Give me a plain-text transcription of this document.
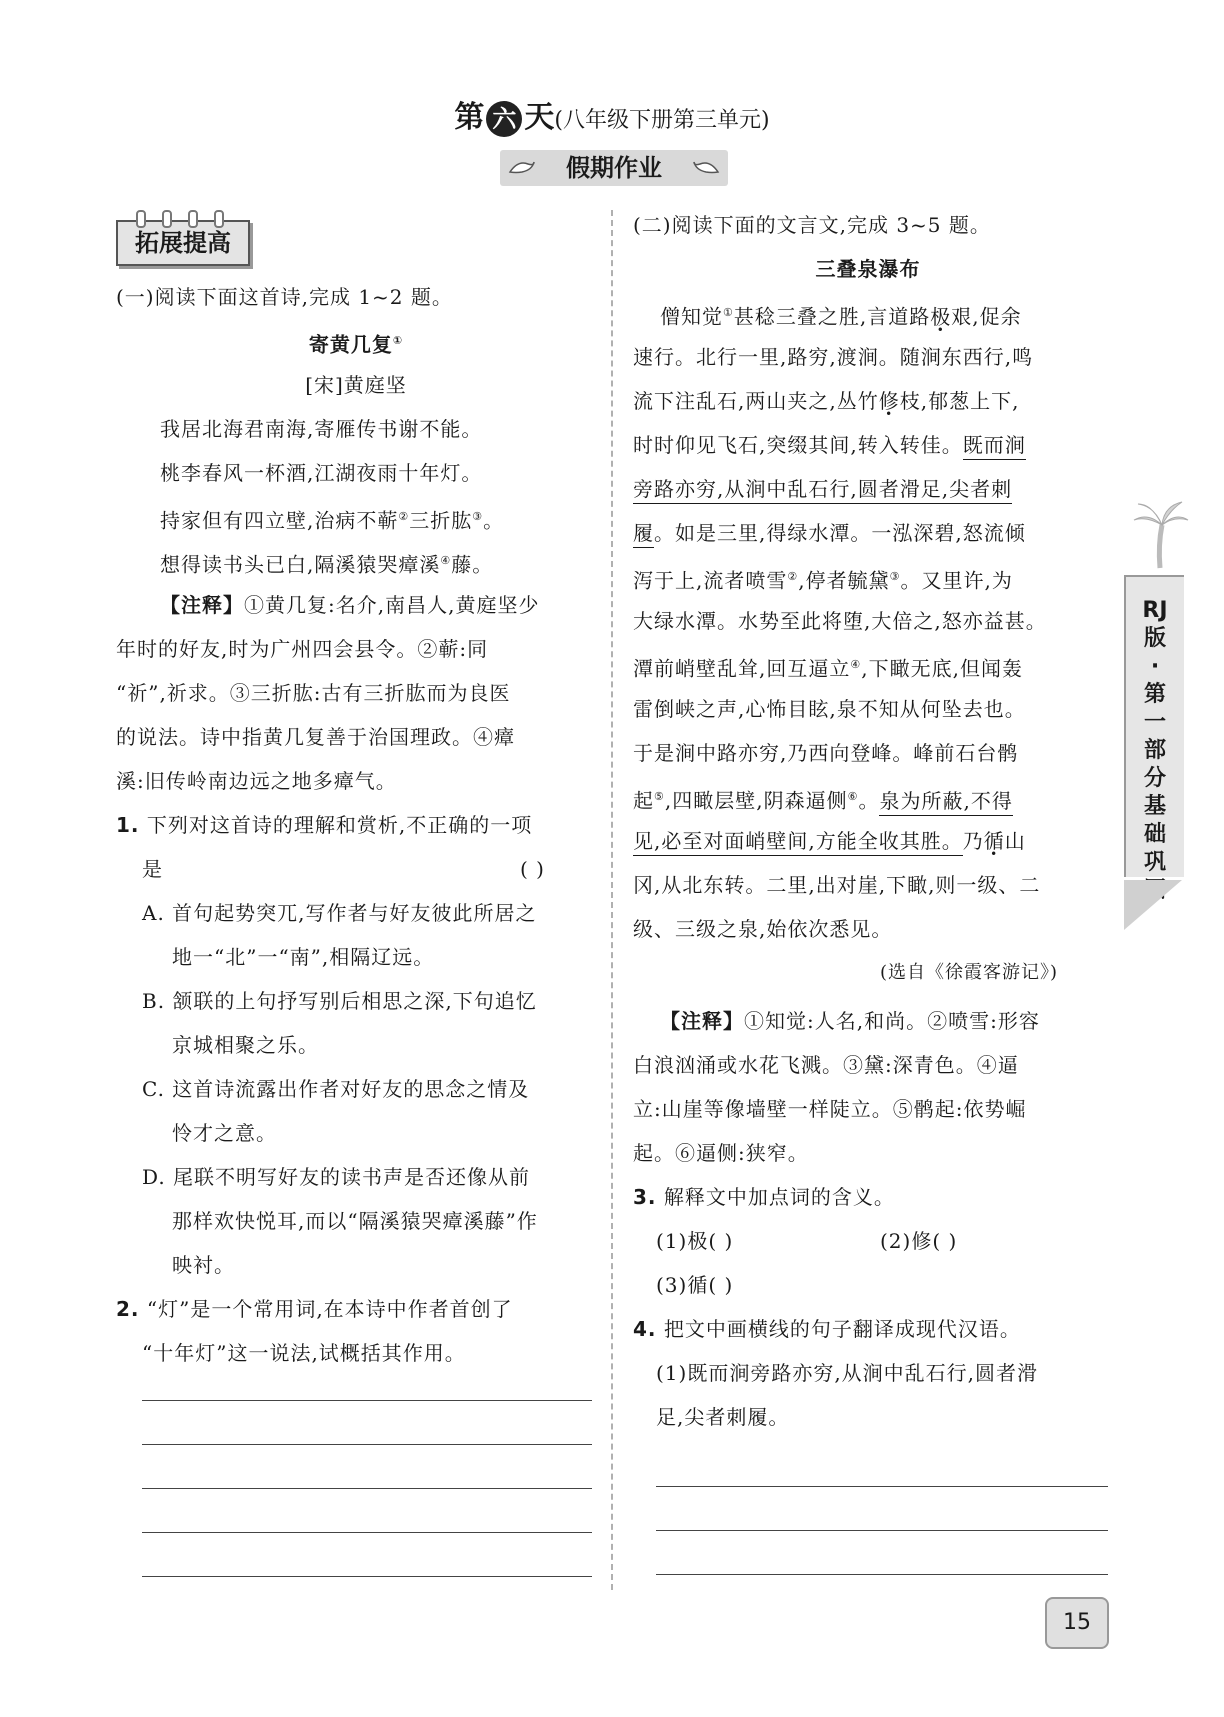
第 六 天(八年级下册第三单元)
假期作业
拓展提高
(一)阅读下面这首诗,完成 1~2 题。
寄黄几复①
[宋]黄庭坚
我居北海君南海,寄雁传书谢不能。
桃李春风一杯酒,江湖夜雨十年灯。
持家但有四立壁,治病不蕲②三折肱③。
想得读书头已白,隔溪猿哭瘴溪④藤。
【注释】①黄几复:名介,南昌人,黄庭坚少
年时的好友,时为广州四会县令。②蕲:同
“祈”,祈求。③三折肱:古有三折肱而为良医
的说法。诗中指黄几复善于治国理政。④瘴
溪:旧传岭南边远之地多瘴气。
1. 下列对这首诗的理解和赏析,不正确的一项
是	( )
A. 首句起势突兀,写作者与好友彼此所居之
地一“北”一“南”,相隔辽远。
B. 颔联的上句抒写别后相思之深,下句追忆
京城相聚之乐。
C. 这首诗流露出作者对好友的思念之情及
怜才之意。
D. 尾联不明写好友的读书声是否还像从前
那样欢快悦耳,而以“隔溪猿哭瘴溪藤”作
映衬。
2. “灯”是一个常用词,在本诗中作者首创了
“十年灯”这一说法,试概括其作用。
(二)阅读下面的文言文,完成 3~5 题。
三叠泉瀑布
僧知觉①甚稔三叠之胜,言道路极艰,促余
速行。北行一里,路穷,渡涧。随涧东西行,鸣
流下注乱石,两山夹之,丛竹修枝,郁葱上下,
时时仰见飞石,突缀其间,转入转佳。既而涧
旁路亦穷,从涧中乱石行,圆者滑足,尖者刺
履。如是三里,得绿水潭。一泓深碧,怒流倾
泻于上,流者喷雪②,停者毓黛③。又里许,为
大绿水潭。水势至此将堕,大倍之,怒亦益甚。
潭前峭壁乱耸,回互逼立④,下瞰无底,但闻轰
雷倒峡之声,心怖目眩,泉不知从何坠去也。
于是涧中路亦穷,乃西向登峰。峰前石台鹘
起⑤,四瞰层壁,阴森逼侧⑥。泉为所蔽,不得
见,必至对面峭壁间,方能全收其胜。乃循山
冈,从北东转。二里,出对崖,下瞰,则一级、二
级、三级之泉,始依次悉见。
(选自《徐霞客游记》)
【注释】①知觉:人名,和尚。②喷雪:形容
白浪汹涌或水花飞溅。③黛:深青色。④逼
立:山崖等像墙壁一样陡立。⑤鹘起:依势崛
起。⑥逼侧:狭窄。
3. 解释文中加点词的含义。
(1)极( )	(2)修( )
(3)循( )
4. 把文中画横线的句子翻译成现代汉语。
(1)既而涧旁路亦穷,从涧中乱石行,圆者滑
足,尖者刺履。
RJ版·第一部分 基础巩固
15
